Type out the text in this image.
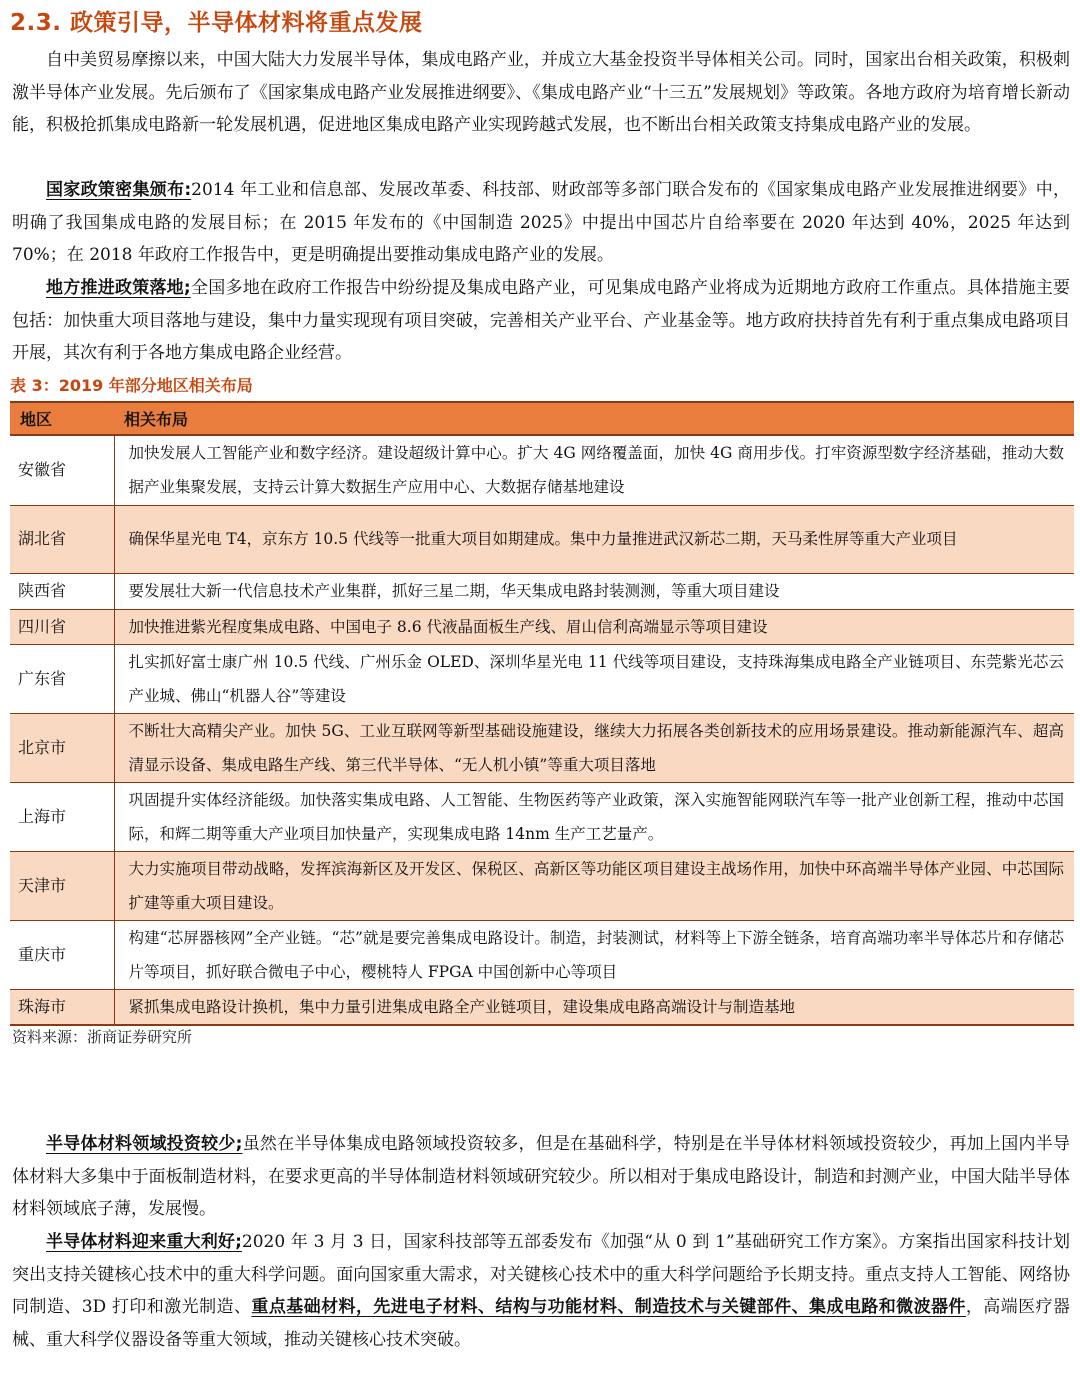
2.3. 政策引导，半导体材料将重点发展

自中美贸易摩擦以来，中国大陆大力发展半导体，集成电路产业，并成立大基金投资半导体相关公司。同时，国家出台相关政策，积极刺激半导体产业发展。先后颁布了《国家集成电路产业发展推进纲要》、《集成电路产业“十三五”发展规划》等政策。各地方政府为培育增长新动能，积极抢抓集成电路新一轮发展机遇，促进地区集成电路产业实现跨越式发展，也不断出台相关政策支持集成电路产业的发展。

国家政策密集颁布:2014 年工业和信息部、发展改革委、科技部、财政部等多部门联合发布的《国家集成电路产业发展推进纲要》中，明确了我国集成电路的发展目标；在 2015 年发布的《中国制造 2025》中提出中国芯片自给率要在 2020 年达到 40%，2025 年达到 70%；在 2018 年政府工作报告中，更是明确提出要推动集成电路产业的发展。

地方推进政策落地;全国多地在政府工作报告中纷纷提及集成电路产业，可见集成电路产业将成为近期地方政府工作重点。具体措施主要包括：加快重大项目落地与建设，集中力量实现现有项目突破，完善相关产业平台、产业基金等。地方政府扶持首先有利于重点集成电路项目开展，其次有利于各地方集成电路企业经营。

表 3：2019 年部分地区相关布局
地区	相关布局
安徽省	加快发展人工智能产业和数字经济。建设超级计算中心。扩大 4G 网络覆盖面，加快 4G 商用步伐。打牢资源型数字经济基础，推动大数据产业集聚发展，支持云计算大数据生产应用中心、大数据存储基地建设
湖北省	确保华星光电 T4，京东方 10.5 代线等一批重大项目如期建成。集中力量推进武汉新芯二期，天马柔性屏等重大产业项目
陕西省	要发展壮大新一代信息技术产业集群，抓好三星二期，华天集成电路封装测测，等重大项目建设
四川省	加快推进紫光程度集成电路、中国电子 8.6 代液晶面板生产线、眉山信利高端显示等项目建设
广东省	扎实抓好富士康广州 10.5 代线、广州乐金 OLED、深圳华星光电 11 代线等项目建设，支持珠海集成电路全产业链项目、东莞紫光芯云产业城、佛山“机器人谷”等建设
北京市	不断壮大高精尖产业。加快 5G、工业互联网等新型基础设施建设，继续大力拓展各类创新技术的应用场景建设。推动新能源汽车、超高清显示设备、集成电路生产线、第三代半导体、“无人机小镇”等重大项目落地
上海市	巩固提升实体经济能级。加快落实集成电路、人工智能、生物医药等产业政策，深入实施智能网联汽车等一批产业创新工程，推动中芯国际，和辉二期等重大产业项目加快量产，实现集成电路 14nm 生产工艺量产。
天津市	大力实施项目带动战略，发挥滨海新区及开发区、保税区、高新区等功能区项目建设主战场作用，加快中环高端半导体产业园、中芯国际扩建等重大项目建设。
重庆市	构建“芯屏器核网”全产业链。“芯”就是要完善集成电路设计。制造，封装测试，材料等上下游全链条，培育高端功率半导体芯片和存储芯片等项目，抓好联合微电子中心，樱桃特人 FPGA 中国创新中心等项目
珠海市	紧抓集成电路设计换机，集中力量引进集成电路全产业链项目，建设集成电路高端设计与制造基地
资料来源：浙商证券研究所

半导体材料领域投资较少;虽然在半导体集成电路领域投资较多，但是在基础科学，特别是在半导体材料领域投资较少，再加上国内半导体材料大多集中于面板制造材料，在要求更高的半导体制造材料领域研究较少。所以相对于集成电路设计，制造和封测产业，中国大陆半导体材料领域底子薄，发展慢。

半导体材料迎来重大利好;2020 年 3 月 3 日，国家科技部等五部委发布《加强“从 0 到 1”基础研究工作方案》。方案指出国家科技计划突出支持关键核心技术中的重大科学问题。面向国家重大需求，对关键核心技术中的重大科学问题给予长期支持。重点支持人工智能、网络协同制造、3D 打印和激光制造、重点基础材料，先进电子材料、结构与功能材料、制造技术与关键部件、集成电路和微波器件，高端医疗器械、重大科学仪器设备等重大领域，推动关键核心技术突破。
